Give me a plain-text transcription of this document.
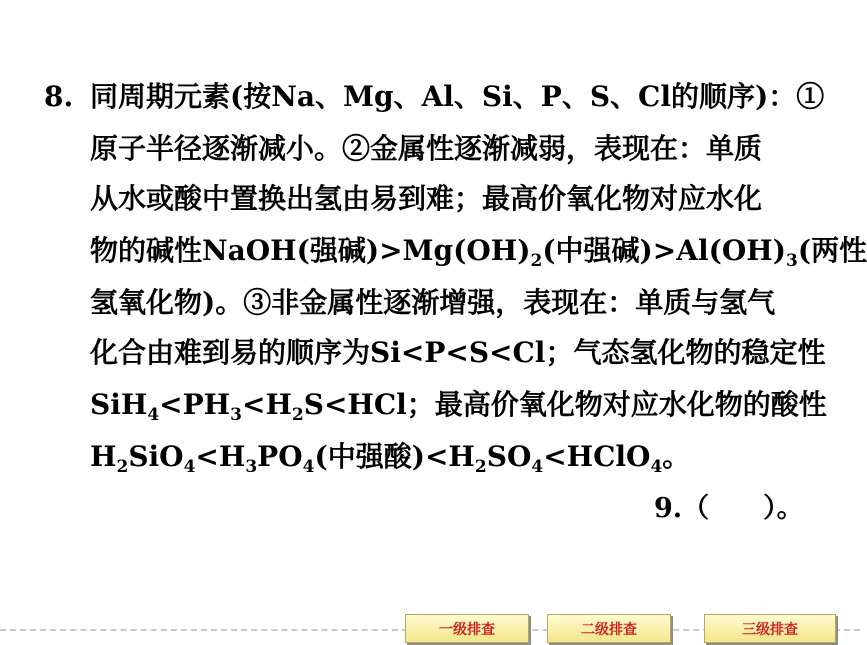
8. 同周期元素(按Na、Mg、Al、Si、P、S、Cl的顺序)：①
原子半径逐渐减小。②金属性逐渐减弱，表现在：单质
从水或酸中置换出氢由易到难；最高价氧化物对应水化
物的碱性NaOH(强碱)$>Mg(OH)_2$(中强碱)$>Al(OH)_3$(两性
氢氧化物)。③非金属性逐渐增强，表现在：单质与氢气
化合由难到易的顺序为Si<P<S<Cl；气态氢化物的稳定性
$SiH_4<PH_3<H_2S<HCl$；最高价氧化物对应水化物的酸性
$H_2SiO_4<H_3PO_4$(中强酸)$<H_2SO_4<HClO_4$。
9.（　　）。
一级排查	二级排查	三级排查
